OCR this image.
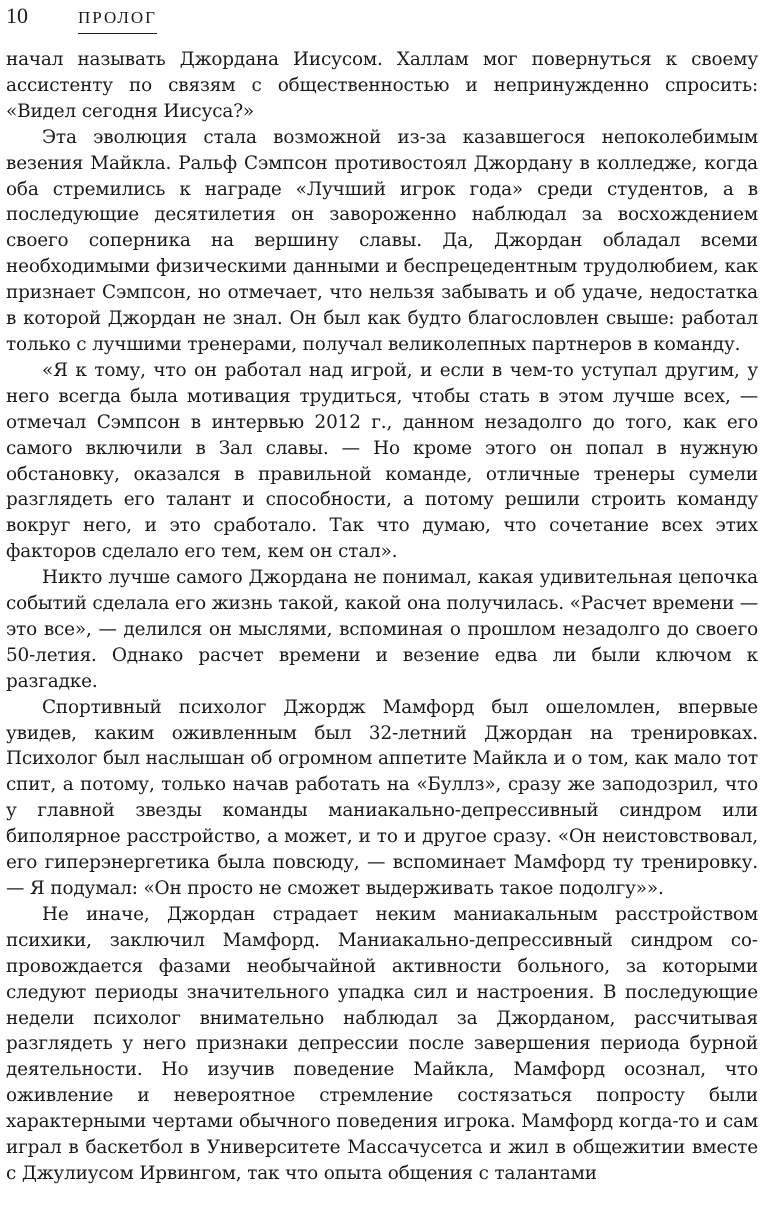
10	ПРОЛОГ

начал называть Джордана Иисусом. Халлам мог повернуться к своему ассистенту по связям с общественностью и непринужденно спросить: «Видел сегодня Иисуса?»

Эта эволюция стала возможной из-за казавшегося непоколебимым везения Майкла. Ральф Сэмпсон противостоял Джордану в колледже, когда оба стремились к награде «Лучший игрок года» среди студентов, а в последующие десятилетия он завороженно наблюдал за восхождением своего соперника на вершину славы. Да, Джордан обладал всеми необходимыми физическими данными и беспрецедентным трудолюбием, как признает Сэмпсон, но отмечает, что нельзя забывать и об удаче, недостатка в которой Джордан не знал. Он был как будто благословлен свыше: работал только с лучшими тренерами, получал великолепных партнеров в команду.

«Я к тому, что он работал над игрой, и если в чем-то уступал другим, у него всегда была мотивация трудиться, чтобы стать в этом лучше всех, — отмечал Сэмпсон в интервью 2012 г., данном незадолго до того, как его самого включили в Зал славы. — Но кроме этого он попал в нужную обстановку, оказался в правильной команде, отличные тренеры сумели разглядеть его талант и способности, а потому решили строить команду вокруг него, и это сработало. Так что думаю, что сочетание всех этих факторов сделало его тем, кем он стал».

Никто лучше самого Джордана не понимал, какая удивительная цепочка событий сделала его жизнь такой, какой она получилась. «Расчет времени — это все», — делился он мыслями, вспоминая о прошлом незадолго до своего 50-летия. Однако расчет времени и везение едва ли были ключом к разгадке.

Спортивный психолог Джордж Мамфорд был ошеломлен, впервые увидев, каким оживленным был 32-летний Джордан на тренировках. Психолог был наслышан об огромном аппетите Майкла и о том, как мало тот спит, а потому, только начав работать на «Буллз», сразу же заподозрил, что у главной звезды команды маниакально-депрессивный синдром или биполярное расстройство, а может, и то и другое сразу. «Он неистовствовал, его гиперэнергетика была повсюду, — вспоминает Мамфорд ту тренировку. — Я подумал: «Он просто не сможет выдерживать такое подолгу»».

Не иначе, Джордан страдает неким маниакальным расстройством психики, заключил Мамфорд. Маниакально-депрессивный синдром сопровождается фазами необычайной активности больного, за которыми следуют периоды значительного упадка сил и настроения. В последующие недели психолог внимательно наблюдал за Джорданом, рассчитывая разглядеть у него признаки депрессии после завершения периода бурной деятельности. Но изучив поведение Майкла, Мамфорд осознал, что оживление и невероятное стремление состязаться попросту были характерными чертами обычного поведения игрока. Мамфорд когда-то и сам играл в баскетбол в Университете Массачусетса и жил в общежитии вместе с Джулиусом Ирвингом, так что опыта общения с талантами
